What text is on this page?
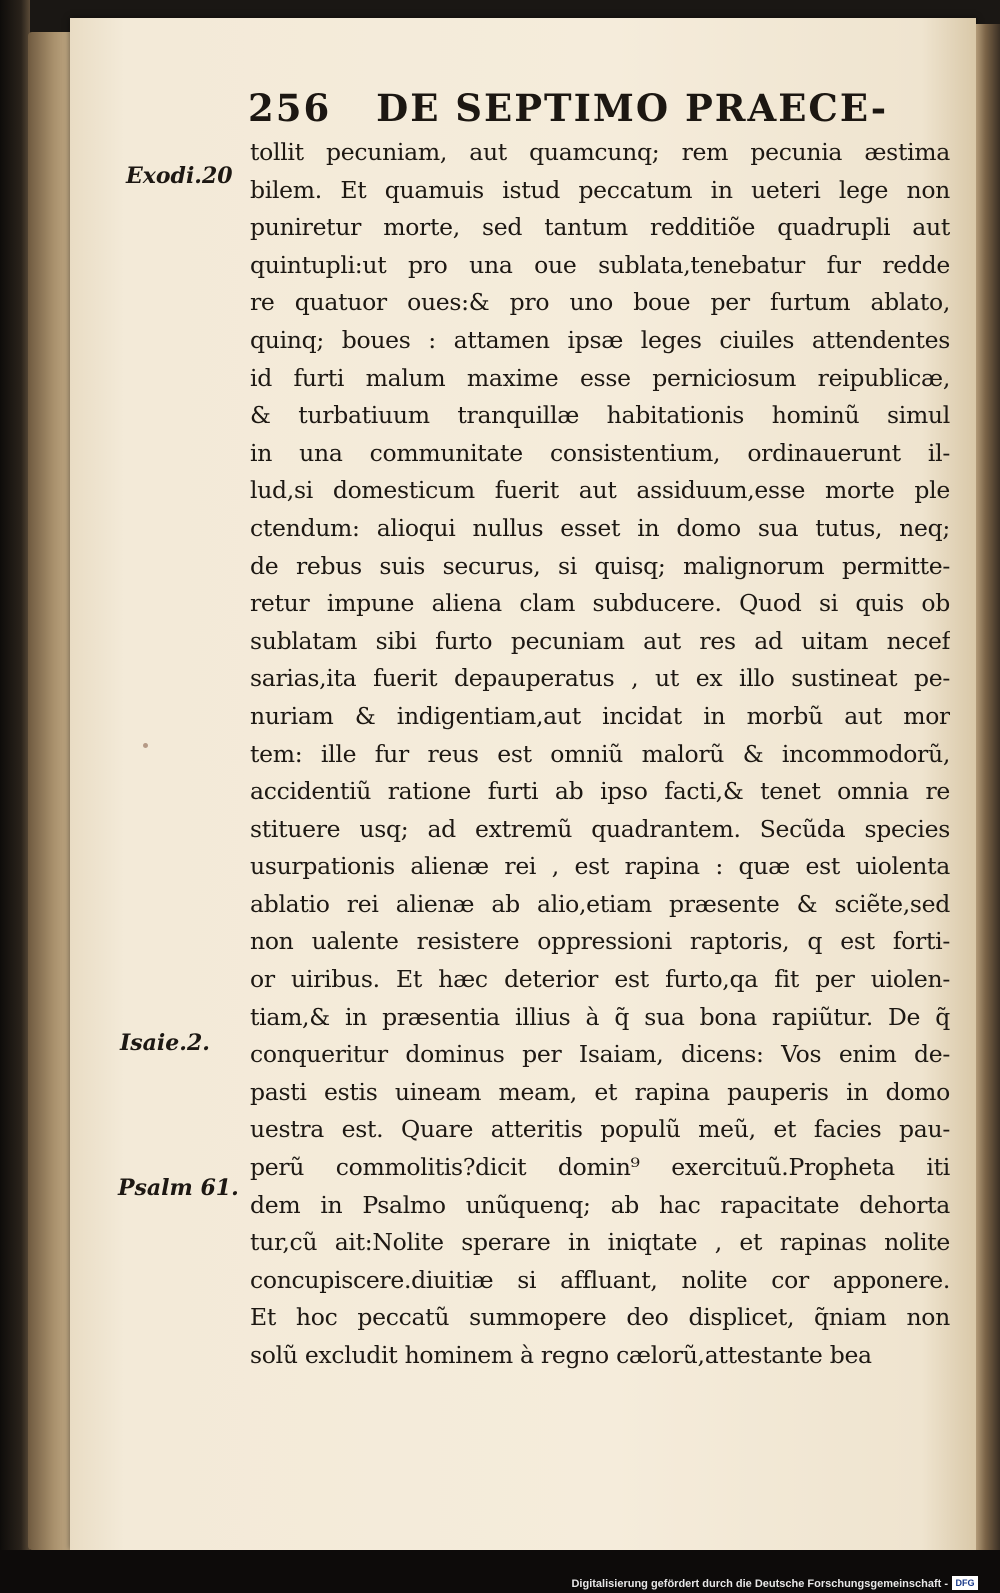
256 DE SEPTIMO PRAECE-
Exodi.20
Isaie.2.
Psalm 61.
tollit pecuniam, aut quamcunq; rem pecunia æstima
bilem. Et quamuis istud peccatum in ueteri lege non
puniretur morte, sed tantum redditiõe quadrupli aut
quintupli:ut pro una oue sublata,tenebatur fur redde
re quatuor oues:& pro uno boue per furtum ablato,
quinq; boues : attamen ipsæ leges ciuiles attendentes
id furti malum maxime esse perniciosum reipublicæ,
& turbatiuum tranquillæ habitationis hominũ simul
in una communitate consistentium, ordinauerunt il-
lud,si domesticum fuerit aut assiduum,esse morte ple
ctendum: alioqui nullus esset in domo sua tutus, neq;
de rebus suis securus, si quisq; malignorum permitte-
retur impune aliena clam subducere. Quod si quis ob
sublatam sibi furto pecuniam aut res ad uitam necef
sarias,ita fuerit depauperatus , ut ex illo sustineat pe-
nuriam & indigentiam,aut incidat in morbũ aut mor
tem: ille fur reus est omniũ malorũ & incommodorũ,
accidentiũ ratione furti ab ipso facti,& tenet omnia re
stituere usq; ad extremũ quadrantem. Secũda species
usurpationis alienæ rei , est rapina : quæ est uiolenta
ablatio rei alienæ ab alio,etiam præsente & sciẽte,sed
non ualente resistere oppressioni raptoris, q est forti-
or uiribus. Et hæc deterior est furto,qa fit per uiolen-
tiam,& in præsentia illius à q̃ sua bona rapiũtur. De q̃
conqueritur dominus per Isaiam, dicens: Vos enim de-
pasti estis uineam meam, et rapina pauperis in domo
uestra est. Quare atteritis populũ meũ, et facies pau-
perũ commolitis?dicit domin⁹ exercituũ.Propheta iti
dem in Psalmo unũquenq; ab hac rapacitate dehorta
tur,cũ ait:Nolite sperare in iniqtate , et rapinas nolite
concupiscere.diuitiæ si affluant, nolite cor apponere.
Et hoc peccatũ summopere deo displicet, q̃niam non
solũ excludit hominem à regno cælorũ,attestante bea
Digitalisierung gefördert durch die Deutsche Forschungsgemeinschaft - DFG
